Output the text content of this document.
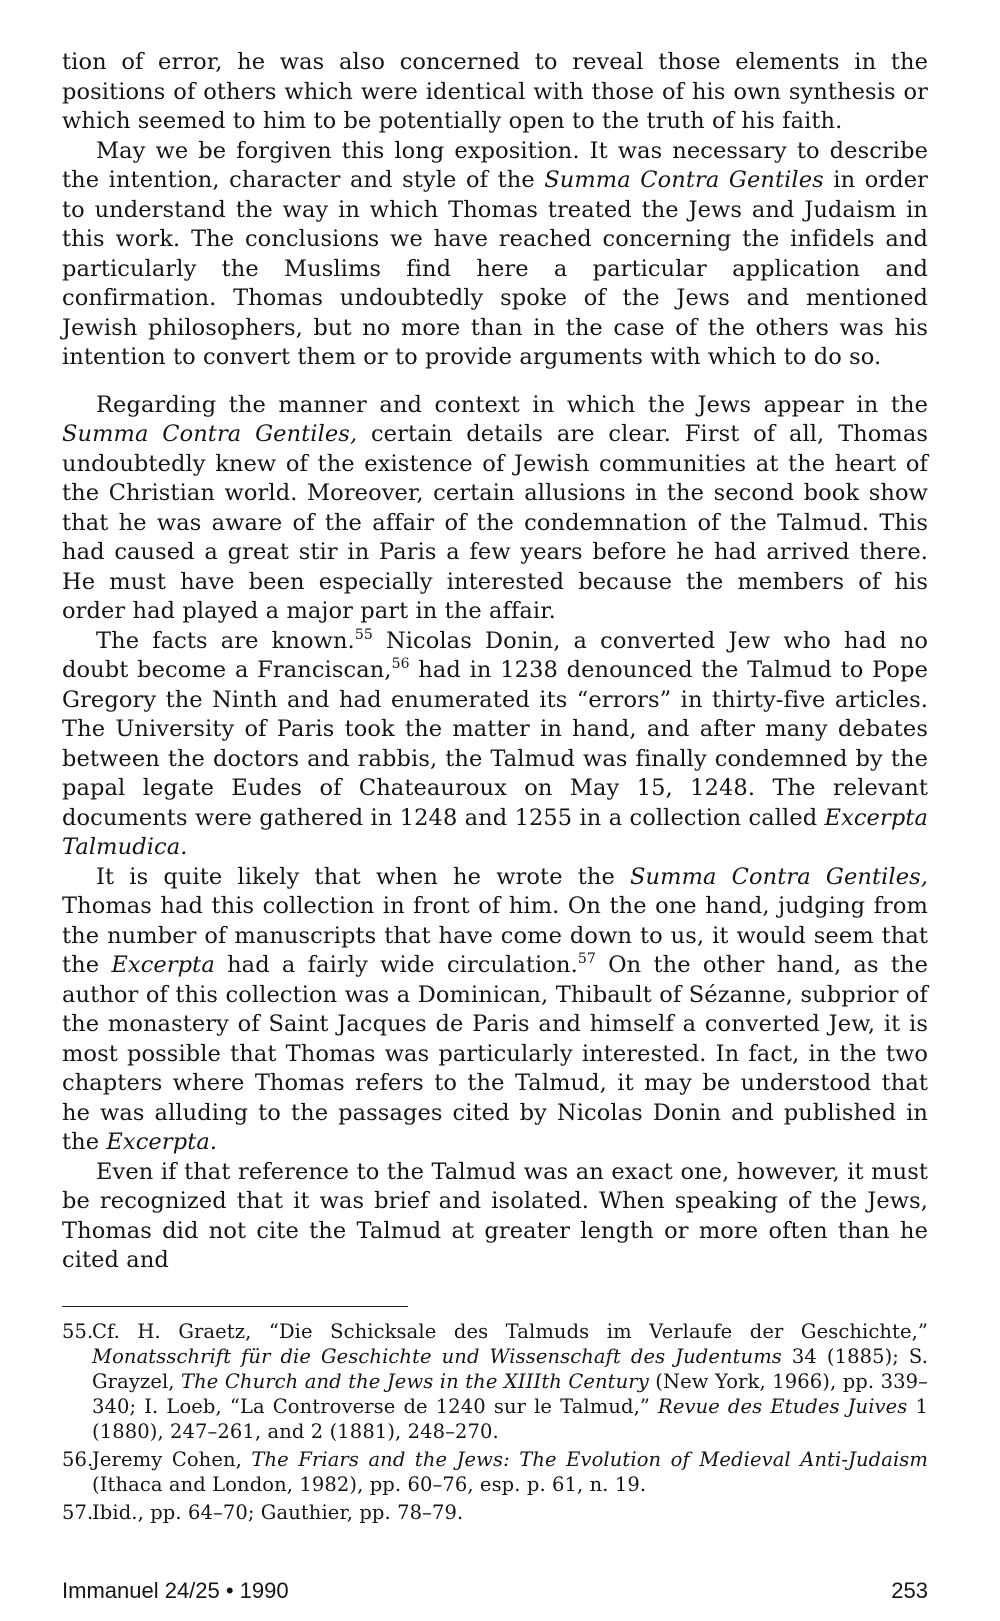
tion of error, he was also concerned to reveal those elements in the positions of others which were identical with those of his own synthesis or which seemed to him to be potentially open to the truth of his faith.

May we be forgiven this long exposition. It was necessary to describe the intention, character and style of the Summa Contra Gentiles in order to understand the way in which Thomas treated the Jews and Judaism in this work. The conclusions we have reached concerning the infidels and particularly the Muslims find here a particular application and confirmation. Thomas undoubtedly spoke of the Jews and mentioned Jewish philosophers, but no more than in the case of the others was his intention to convert them or to provide arguments with which to do so.

Regarding the manner and context in which the Jews appear in the Summa Contra Gentiles, certain details are clear. First of all, Thomas undoubtedly knew of the existence of Jewish communities at the heart of the Christian world. Moreover, certain allusions in the second book show that he was aware of the affair of the condemnation of the Talmud. This had caused a great stir in Paris a few years before he had arrived there. He must have been especially interested because the members of his order had played a major part in the affair.

The facts are known.$^{55}$ Nicolas Donin, a converted Jew who had no doubt become a Franciscan,$^{56}$ had in 1238 denounced the Talmud to Pope Gregory the Ninth and had enumerated its “errors” in thirty-five articles. The University of Paris took the matter in hand, and after many debates between the doctors and rabbis, the Talmud was finally condemned by the papal legate Eudes of Chateauroux on May 15, 1248. The relevant documents were gathered in 1248 and 1255 in a collection called Excerpta Talmudica.

It is quite likely that when he wrote the Summa Contra Gentiles, Thomas had this collection in front of him. On the one hand, judging from the number of manuscripts that have come down to us, it would seem that the Excerpta had a fairly wide circulation.$^{57}$ On the other hand, as the author of this collection was a Dominican, Thibault of Sézanne, subprior of the monastery of Saint Jacques de Paris and himself a converted Jew, it is most possible that Thomas was particularly interested. In fact, in the two chapters where Thomas refers to the Talmud, it may be understood that he was alluding to the passages cited by Nicolas Donin and published in the Excerpta.

Even if that reference to the Talmud was an exact one, however, it must be recognized that it was brief and isolated. When speaking of the Jews, Thomas did not cite the Talmud at greater length or more often than he cited and

55.
Cf. H. Graetz, “Die Schicksale des Talmuds im Verlaufe der Geschichte,” Monatsschrift für die Geschichte und Wissenschaft des Judentums 34 (1885); S. Grayzel, The Church and the Jews in the XIIIth Century (New York, 1966), pp. 339–340; I. Loeb, “La Controverse de 1240 sur le Talmud,” Revue des Etudes Juives 1 (1880), 247–261, and 2 (1881), 248–270.
56.
Jeremy Cohen, The Friars and the Jews: The Evolution of Medieval Anti-Judaism (Ithaca and London, 1982), pp. 60–76, esp. p. 61, n. 19.
57.
Ibid., pp. 64–70; Gauthier, pp. 78–79.
Immanuel 24/25 • 1990	253
